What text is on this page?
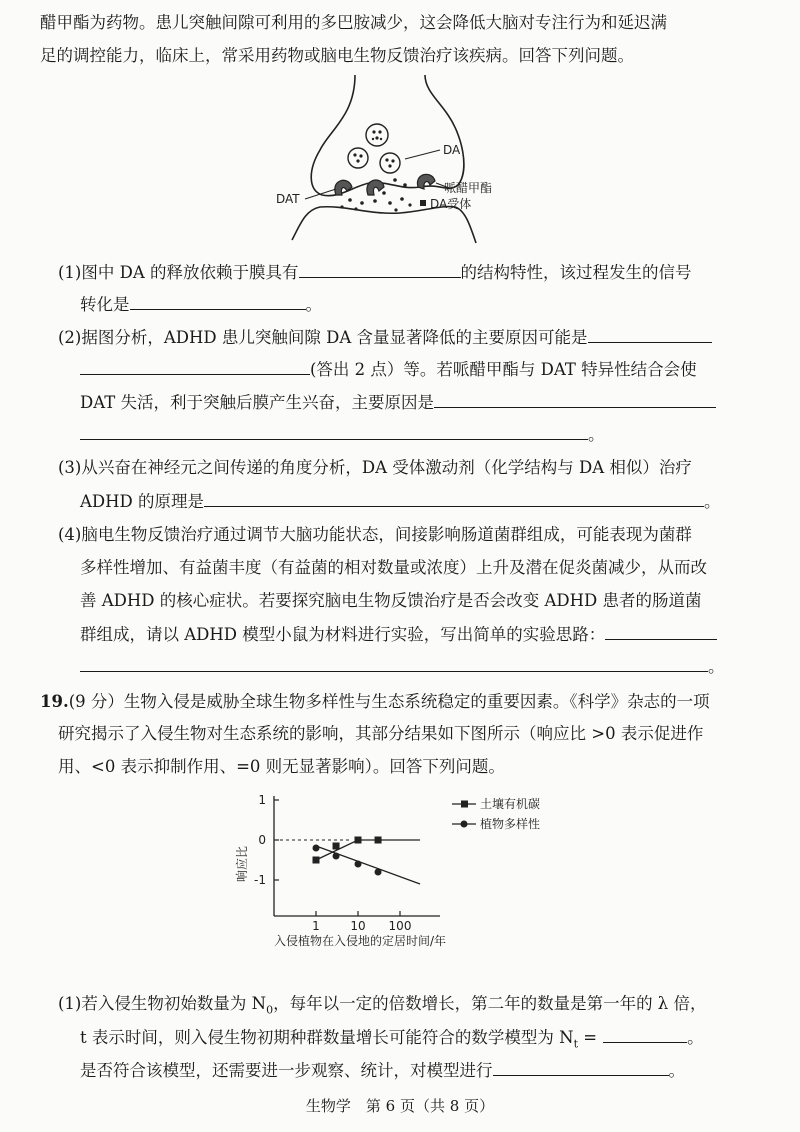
醋甲酯为药物。患儿突触间隙可利用的多巴胺减少，这会降低大脑对专注行为和延迟满
足的调控能力，临床上，常采用药物或脑电生物反馈治疗该疾病。回答下列问题。
DA
DAT
哌醋甲酯
DA受体
(1)图中 DA 的释放依赖于膜具有	的结构特性，该过程发生的信号
转化是	。
(2)据图分析，ADHD 患儿突触间隙 DA 含量显著降低的主要原因可能是
(答出 2 点）等。若哌醋甲酯与 DAT 特异性结合会使
DAT 失活，利于突触后膜产生兴奋，主要原因是
。
(3)从兴奋在神经元之间传递的角度分析，DA 受体激动剂（化学结构与 DA 相似）治疗
ADHD 的原理是	。
(4)脑电生物反馈治疗通过调节大脑功能状态，间接影响肠道菌群组成，可能表现为菌群
多样性增加、有益菌丰度（有益菌的相对数量或浓度）上升及潜在促炎菌减少，从而改
善 ADHD 的核心症状。若要探究脑电生物反馈治疗是否会改变 ADHD 患者的肠道菌
群组成，请以 ADHD 模型小鼠为材料进行实验，写出简单的实验思路：
。
19.(9 分）生物入侵是威胁全球生物多样性与生态系统稳定的重要因素。《科学》杂志的一项
研究揭示了入侵生物对生态系统的影响，其部分结果如下图所示（响应比 >0 表示促进作
用、<0 表示抑制作用、=0 则无显著影响）。回答下列问题。
1
0
-1
1	10 100
土壤有机碳
植物多样性
响应比
入侵植物在入侵地的定居时间/年
(1)若入侵生物初始数量为 $N_0$，每年以一定的倍数增长，第二年的数量是第一年的 λ 倍，
t 表示时间，则入侵生物初期种群数量增长可能符合的数学模型为 $N_t$ =	。
是否符合该模型，还需要进一步观察、统计，对模型进行	。
生物学　第 6 页（共 8 页）
